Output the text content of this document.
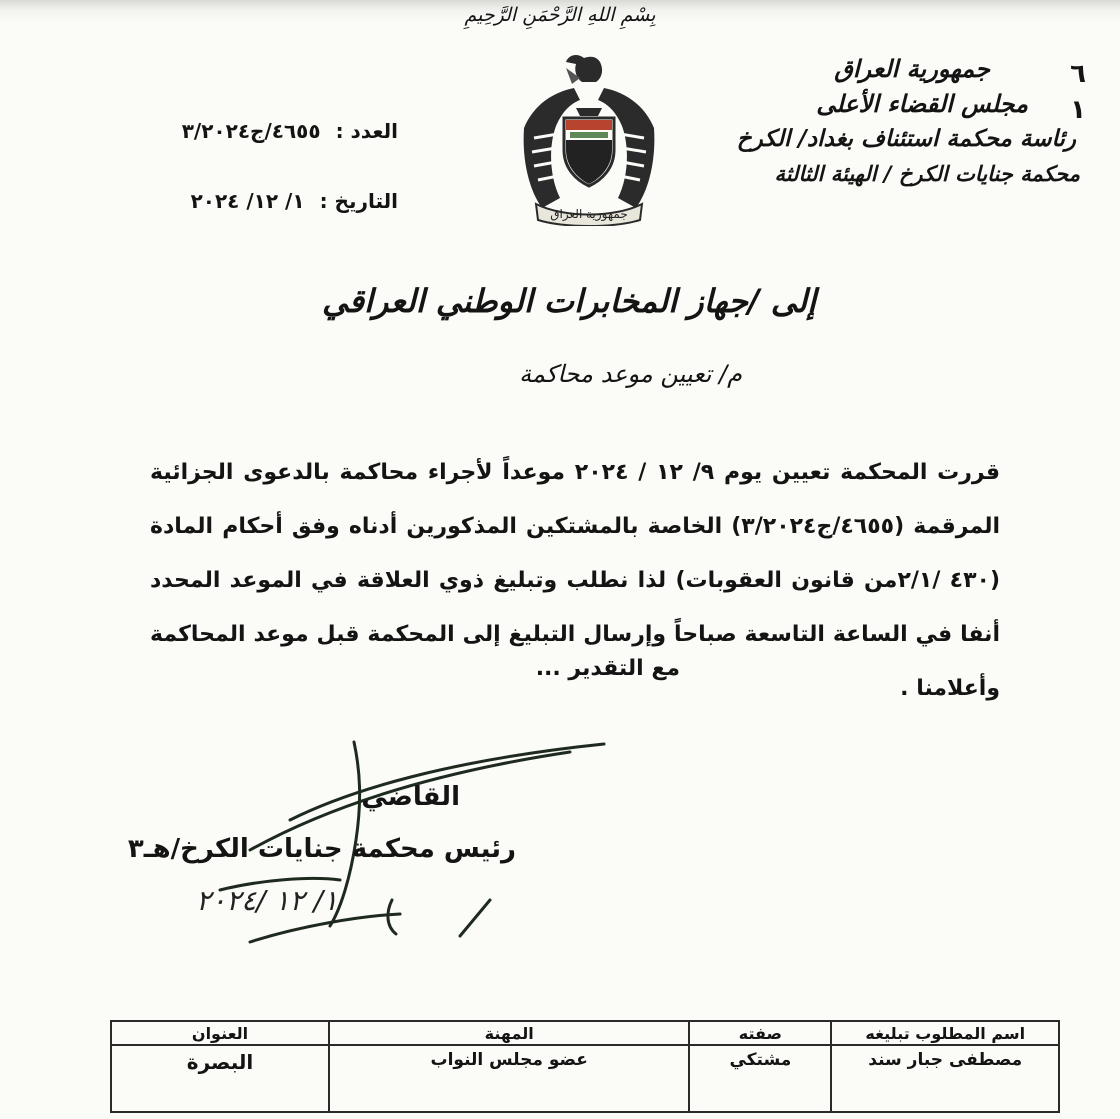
بِسْمِ اللهِ الرَّحْمَنِ الرَّحِيمِ
جمهورية العراق
مجلس القضاء الأعلى
رئاسة محكمة استئناف بغداد/ الكرخ
محكمة جنايات الكرخ / الهيئة الثالثة
٦
١
جمهورية العراق
العدد : ٤٦٥٥/ج٣/٢٠٢٤
التاريخ : ١/ ١٢/ ٢٠٢٤
إلى /جهاز المخابرات الوطني العراقي
م/ تعيين موعد محاكمة
قررت المحكمة تعيين يوم ٩/ ١٢ / ٢٠٢٤ موعداً لأجراء محاكمة بالدعوى الجزائية المرقمة (٤٦٥٥/ج٣/٢٠٢٤) الخاصة بالمشتكين المذكورين أدناه وفق أحكام المادة (٤٣٠ /٢/١من قانون العقوبات) لذا نطلب وتبليغ ذوي العلاقة في الموعد المحدد أنفا في الساعة التاسعة صباحاً وإرسال التبليغ إلى المحكمة قبل موعد المحاكمة وأعلامنا .
مع التقدير ...
القاضي
رئيس محكمة جنايات الكرخ/هـ٣
١/ ١٢ /٢٠٢٤
اسم المطلوب تبليغه	صفته	المهنة	العنوان
مصطفى جبار سند	مشتكي	عضو مجلس النواب	البصرة
